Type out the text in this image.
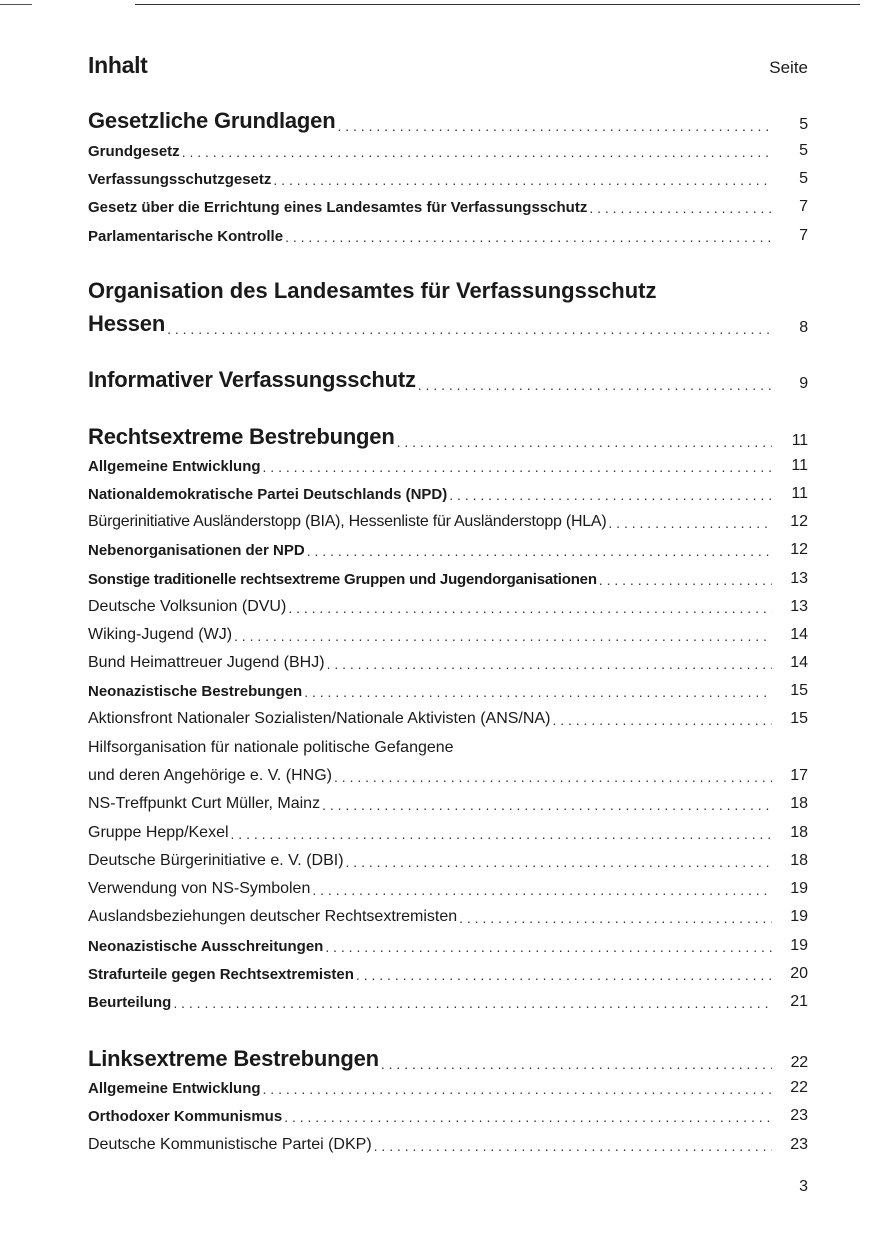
Inhalt	Seite
Gesetzliche Grundlagen . . .	5
Grundgesetz . . .	5
Verfassungsschutzgesetz . . .	5
Gesetz über die Errichtung eines Landesamtes für Verfassungsschutz . . .	7
Parlamentarische Kontrolle . . .	7
Organisation des Landesamtes für Verfassungsschutz
Hessen . . .	8
Informativer Verfassungsschutz . . .	9
Rechtsextreme Bestrebungen . . .	11
Allgemeine Entwicklung . . .	11
Nationaldemokratische Partei Deutschlands (NPD) . . .	11
Bürgerinitiative Ausländerstopp (BIA), Hessenliste für Ausländerstopp (HLA) . . .	12
Nebenorganisationen der NPD . . .	12
Sonstige traditionelle rechtsextreme Gruppen und Jugendorganisationen . . .	13
Deutsche Volksunion (DVU) . . .	13
Wiking-Jugend (WJ) . . .	14
Bund Heimattreuer Jugend (BHJ) . . .	14
Neonazistische Bestrebungen . . .	15
Aktionsfront Nationaler Sozialisten/Nationale Aktivisten (ANS/NA) . . .	15
Hilfsorganisation für nationale politische Gefangene
und deren Angehörige e. V. (HNG) . . .	17
NS-Treffpunkt Curt Müller, Mainz . . .	18
Gruppe Hepp/Kexel . . .	18
Deutsche Bürgerinitiative e. V. (DBI) . . .	18
Verwendung von NS-Symbolen . . .	19
Auslandsbeziehungen deutscher Rechtsextremisten . . .	19
Neonazistische Ausschreitungen . . .	19
Strafurteile gegen Rechtsextremisten . . .	20
Beurteilung . . .	21
Linksextreme Bestrebungen . . .	22
Allgemeine Entwicklung . . .	22
Orthodoxer Kommunismus . . .	23
Deutsche Kommunistische Partei (DKP) . . .	23
3
